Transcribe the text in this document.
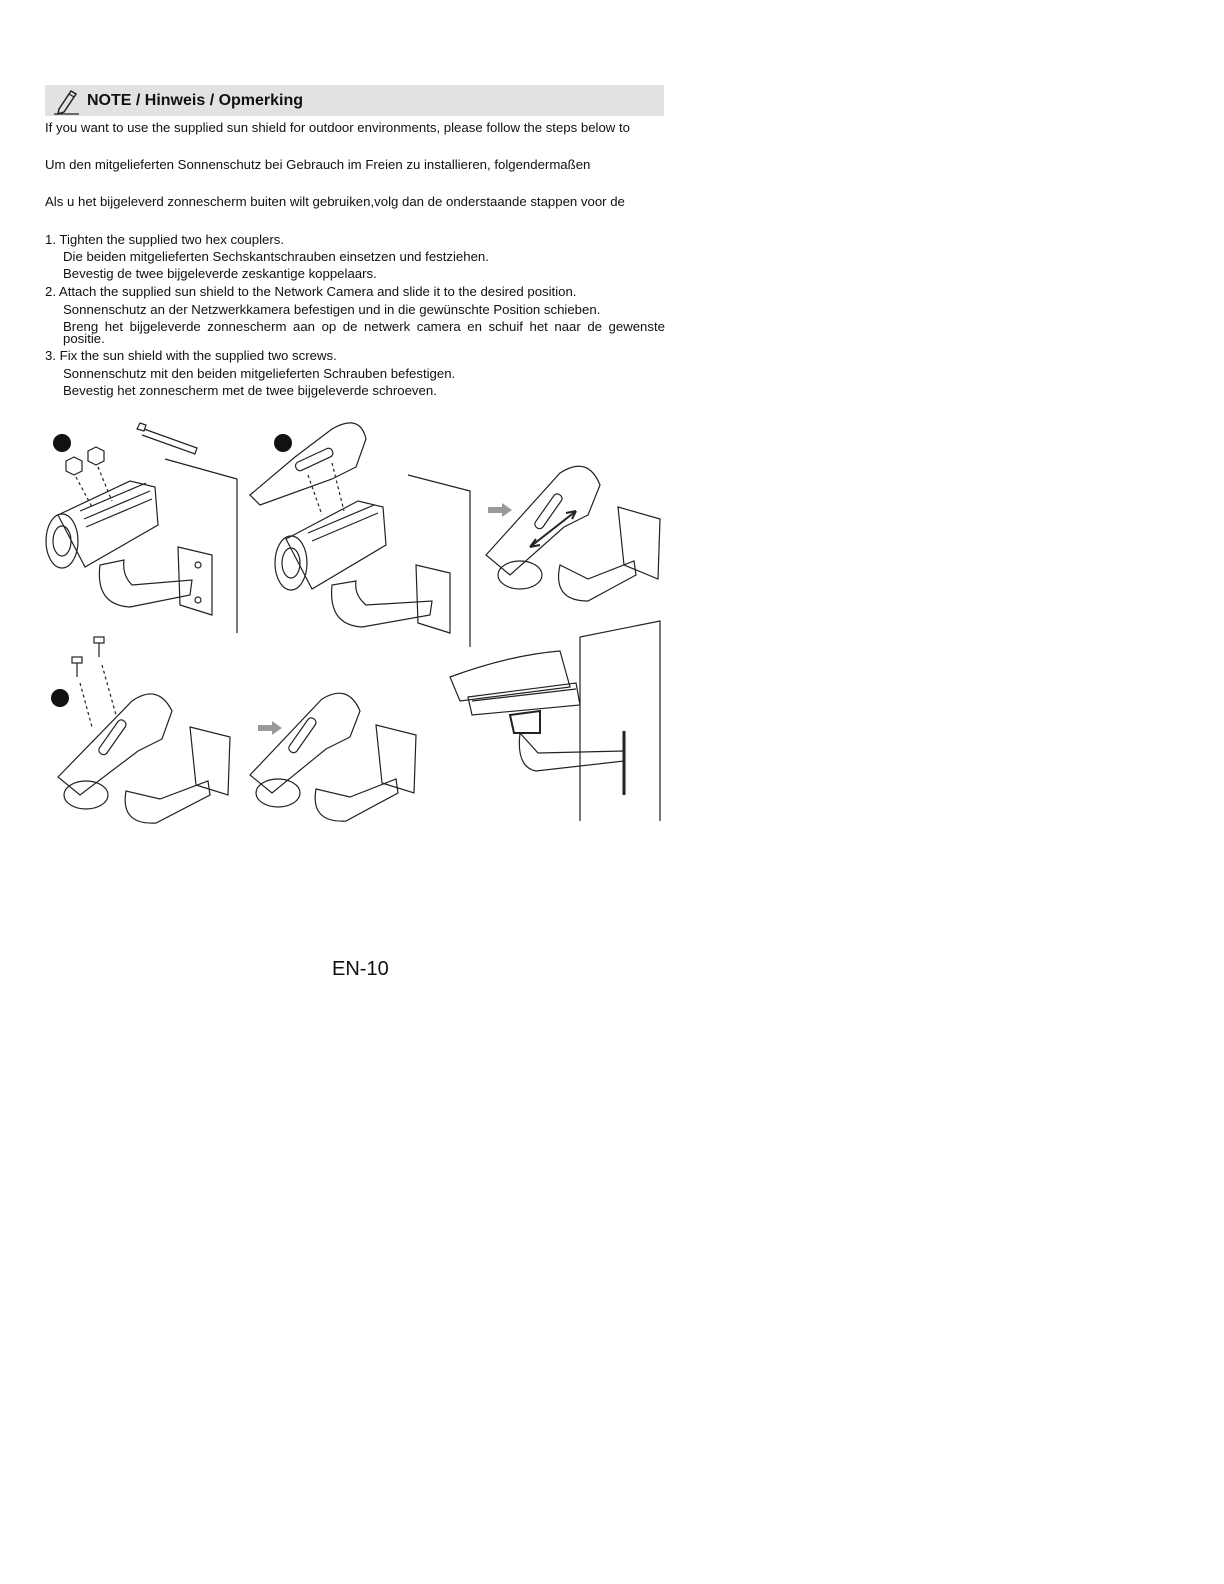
NOTE / Hinweis / Opmerking
If you want to use the supplied sun shield for outdoor environments, please follow the steps below to
Um den mitgelieferten Sonnenschutz bei Gebrauch im Freien zu installieren, folgendermaßen
Als u het bijgeleverd zonnescherm buiten wilt gebruiken,volg dan de onderstaande stappen voor de
1. Tighten the supplied two hex couplers.
Die beiden mitgelieferten Sechskantschrauben einsetzen und festziehen.
Bevestig de twee bijgeleverde zeskantige koppelaars.
2. Attach the supplied sun shield to the Network Camera and slide it to the desired position.
Sonnenschutz an der Netzwerkkamera befestigen und in die gewünschte Position schieben.
Breng het bijgeleverde zonnescherm aan op de netwerk camera en schuif het naar de gewenste
positie.
3. Fix the sun shield with the supplied two screws.
Sonnenschutz mit den beiden mitgelieferten Schrauben befestigen.
Bevestig het zonnescherm met de twee bijgeleverde schroeven.
EN-10
